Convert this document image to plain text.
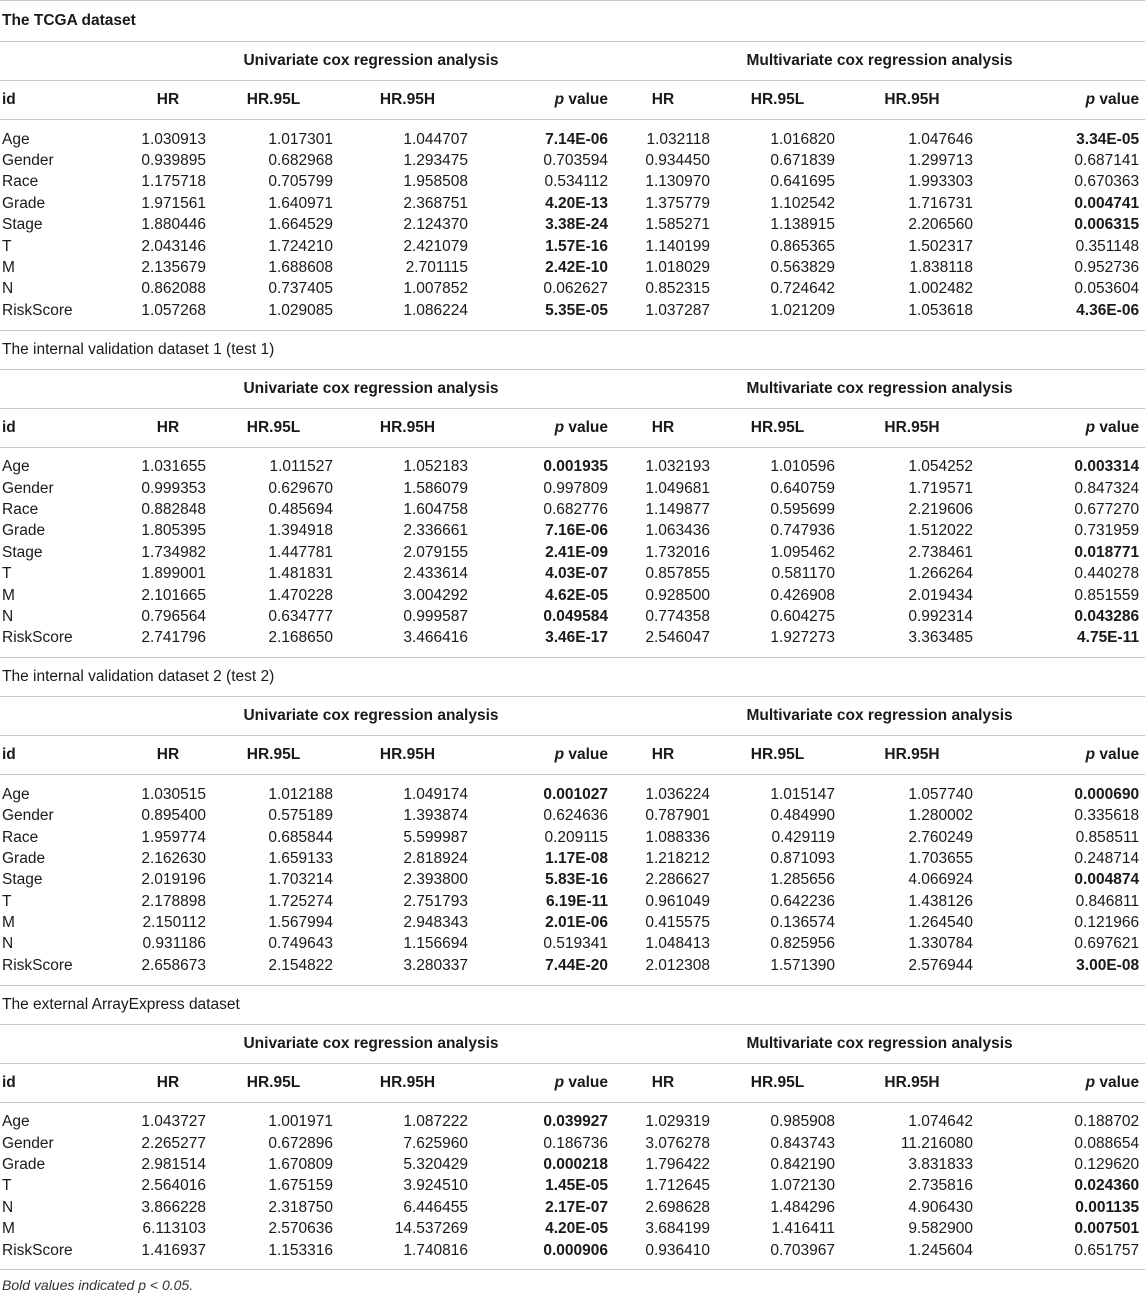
The TCGA dataset								
	Univariate cox regression analysis				Multivariate cox regression analysis			
id	HR	HR.95L	HR.95H	p value	HR	HR.95L	HR.95H	p value
Age	1.030913	1.017301	1.044707	7.14E-06	1.032118	1.016820	1.047646	3.34E-05
Gender	0.939895	0.682968	1.293475	0.703594	0.934450	0.671839	1.299713	0.687141
Race	1.175718	0.705799	1.958508	0.534112	1.130970	0.641695	1.993303	0.670363
Grade	1.971561	1.640971	2.368751	4.20E-13	1.375779	1.102542	1.716731	0.004741
Stage	1.880446	1.664529	2.124370	3.38E-24	1.585271	1.138915	2.206560	0.006315
T	2.043146	1.724210	2.421079	1.57E-16	1.140199	0.865365	1.502317	0.351148
M	2.135679	1.688608	2.701115	2.42E-10	1.018029	0.563829	1.838118	0.952736
N	0.862088	0.737405	1.007852	0.062627	0.852315	0.724642	1.002482	0.053604
RiskScore	1.057268	1.029085	1.086224	5.35E-05	1.037287	1.021209	1.053618	4.36E-06
The internal validation dataset 1 (test 1)								
	Univariate cox regression analysis				Multivariate cox regression analysis			
id	HR	HR.95L	HR.95H	p value	HR	HR.95L	HR.95H	p value
Age	1.031655	1.011527	1.052183	0.001935	1.032193	1.010596	1.054252	0.003314
Gender	0.999353	0.629670	1.586079	0.997809	1.049681	0.640759	1.719571	0.847324
Race	0.882848	0.485694	1.604758	0.682776	1.149877	0.595699	2.219606	0.677270
Grade	1.805395	1.394918	2.336661	7.16E-06	1.063436	0.747936	1.512022	0.731959
Stage	1.734982	1.447781	2.079155	2.41E-09	1.732016	1.095462	2.738461	0.018771
T	1.899001	1.481831	2.433614	4.03E-07	0.857855	0.581170	1.266264	0.440278
M	2.101665	1.470228	3.004292	4.62E-05	0.928500	0.426908	2.019434	0.851559
N	0.796564	0.634777	0.999587	0.049584	0.774358	0.604275	0.992314	0.043286
RiskScore	2.741796	2.168650	3.466416	3.46E-17	2.546047	1.927273	3.363485	4.75E-11
The internal validation dataset 2 (test 2)								
	Univariate cox regression analysis				Multivariate cox regression analysis			
id	HR	HR.95L	HR.95H	p value	HR	HR.95L	HR.95H	p value
Age	1.030515	1.012188	1.049174	0.001027	1.036224	1.015147	1.057740	0.000690
Gender	0.895400	0.575189	1.393874	0.624636	0.787901	0.484990	1.280002	0.335618
Race	1.959774	0.685844	5.599987	0.209115	1.088336	0.429119	2.760249	0.858511
Grade	2.162630	1.659133	2.818924	1.17E-08	1.218212	0.871093	1.703655	0.248714
Stage	2.019196	1.703214	2.393800	5.83E-16	2.286627	1.285656	4.066924	0.004874
T	2.178898	1.725274	2.751793	6.19E-11	0.961049	0.642236	1.438126	0.846811
M	2.150112	1.567994	2.948343	2.01E-06	0.415575	0.136574	1.264540	0.121966
N	0.931186	0.749643	1.156694	0.519341	1.048413	0.825956	1.330784	0.697621
RiskScore	2.658673	2.154822	3.280337	7.44E-20	2.012308	1.571390	2.576944	3.00E-08
The external ArrayExpress dataset								
	Univariate cox regression analysis				Multivariate cox regression analysis			
id	HR	HR.95L	HR.95H	p value	HR	HR.95L	HR.95H	p value
Age	1.043727	1.001971	1.087222	0.039927	1.029319	0.985908	1.074642	0.188702
Gender	2.265277	0.672896	7.625960	0.186736	3.076278	0.843743	11.216080	0.088654
Grade	2.981514	1.670809	5.320429	0.000218	1.796422	0.842190	3.831833	0.129620
T	2.564016	1.675159	3.924510	1.45E-05	1.712645	1.072130	2.735816	0.024360
N	3.866228	2.318750	6.446455	2.17E-07	2.698628	1.484296	4.906430	0.001135
M	6.113103	2.570636	14.537269	4.20E-05	3.684199	1.416411	9.582900	0.007501
RiskScore	1.416937	1.153316	1.740816	0.000906	0.936410	0.703967	1.245604	0.651757
Bold values indicated p < 0.05.
